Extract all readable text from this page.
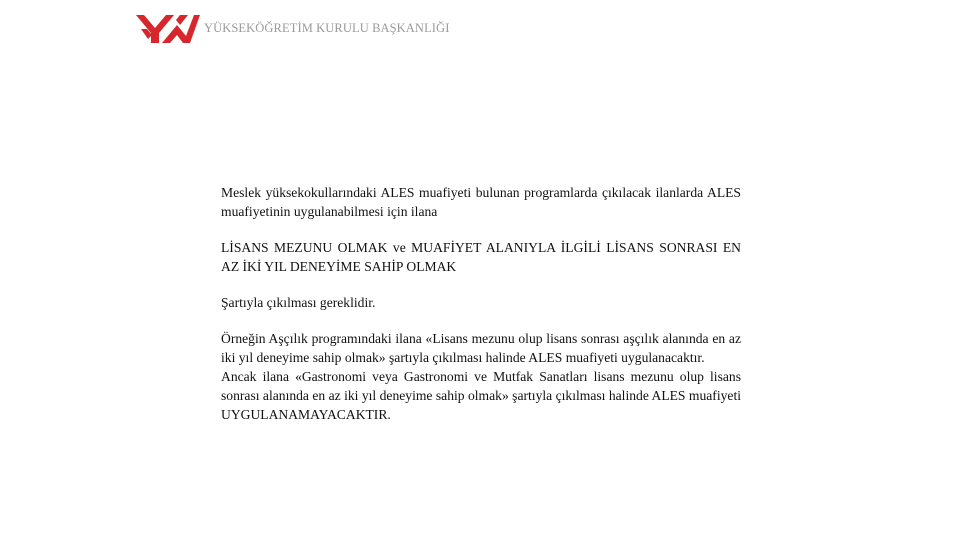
YÜKSEKÖĞRETİM KURULU BAŞKANLIĞI

Meslek yüksekokullarındaki ALES muafiyeti bulunan programlarda çıkılacak ilanlarda ALES muafiyetinin uygulanabilmesi için ilana

LİSANS MEZUNU OLMAK ve MUAFİYET ALANIYLA İLGİLİ LİSANS SONRASI EN AZ İKİ YIL DENEYİME SAHİP OLMAK

Şartıyla çıkılması gereklidir.

Örneğin Aşçılık programındaki ilana «Lisans mezunu olup lisans sonrası aşçılık alanında en az iki yıl deneyime sahip olmak» şartıyla çıkılması halinde ALES muafiyeti uygulanacaktır.

Ancak ilana «Gastronomi veya Gastronomi ve Mutfak Sanatları lisans mezunu olup lisans sonrası alanında en az iki yıl deneyime sahip olmak» şartıyla çıkılması halinde ALES muafiyeti UYGULANAMAYACAKTIR.
